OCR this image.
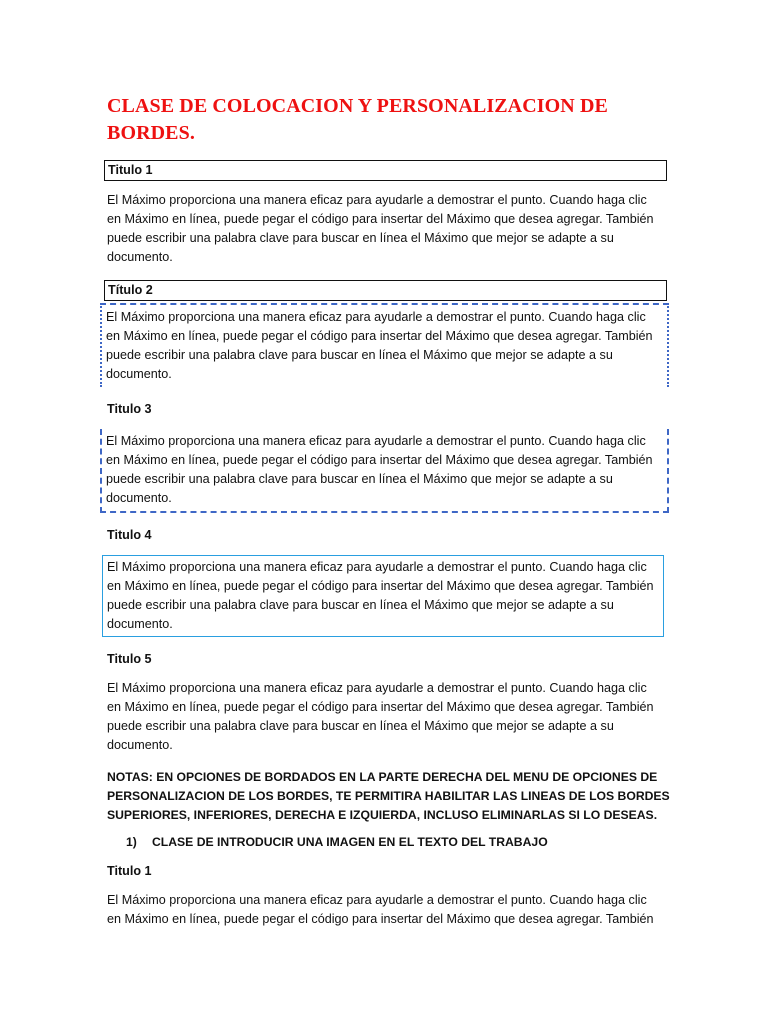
CLASE DE COLOCACION Y PERSONALIZACION DE
BORDES.
Titulo 1
El Máximo proporciona una manera eficaz para ayudarle a demostrar el punto. Cuando haga clic
en Máximo en línea, puede pegar el código para insertar del Máximo que desea agregar. También
puede escribir una palabra clave para buscar en línea el Máximo que mejor se adapte a su
documento.
Título 2
El Máximo proporciona una manera eficaz para ayudarle a demostrar el punto. Cuando haga clic
en Máximo en línea, puede pegar el código para insertar del Máximo que desea agregar. También
puede escribir una palabra clave para buscar en línea el Máximo que mejor se adapte a su
documento.
Titulo 3
El Máximo proporciona una manera eficaz para ayudarle a demostrar el punto. Cuando haga clic
en Máximo en línea, puede pegar el código para insertar del Máximo que desea agregar. También
puede escribir una palabra clave para buscar en línea el Máximo que mejor se adapte a su
documento.
Titulo 4
El Máximo proporciona una manera eficaz para ayudarle a demostrar el punto. Cuando haga clic
en Máximo en línea, puede pegar el código para insertar del Máximo que desea agregar. También
puede escribir una palabra clave para buscar en línea el Máximo que mejor se adapte a su
documento.
Titulo 5
El Máximo proporciona una manera eficaz para ayudarle a demostrar el punto. Cuando haga clic
en Máximo en línea, puede pegar el código para insertar del Máximo que desea agregar. También
puede escribir una palabra clave para buscar en línea el Máximo que mejor se adapte a su
documento.
NOTAS: EN OPCIONES DE BORDADOS EN LA PARTE DERECHA DEL MENU DE OPCIONES DE
PERSONALIZACION DE LOS BORDES, TE PERMITIRA HABILITAR LAS LINEAS DE LOS BORDES
SUPERIORES, INFERIORES, DERECHA E IZQUIERDA, INCLUSO ELIMINARLAS SI LO DESEAS.
1) CLASE DE INTRODUCIR UNA IMAGEN EN EL TEXTO DEL TRABAJO
Titulo 1
El Máximo proporciona una manera eficaz para ayudarle a demostrar el punto. Cuando haga clic
en Máximo en línea, puede pegar el código para insertar del Máximo que desea agregar. También
